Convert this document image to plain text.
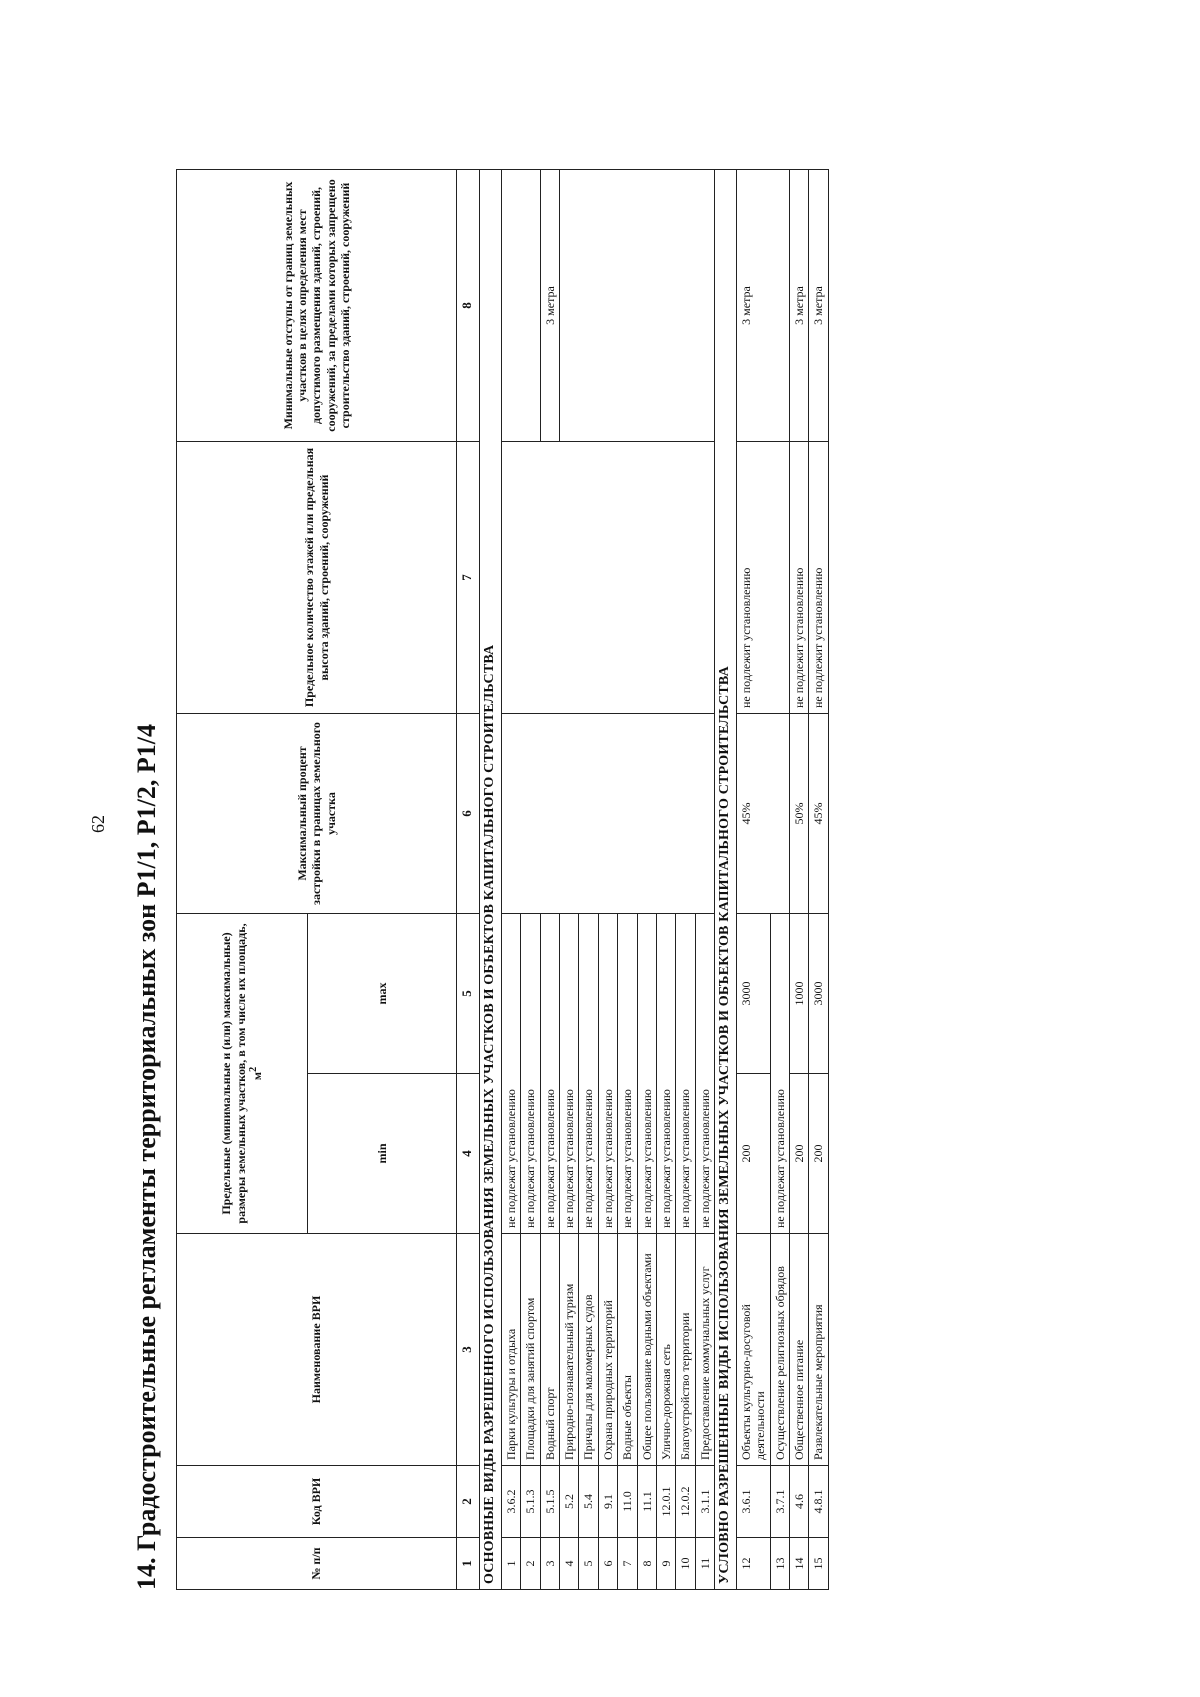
62 14. Градостроительные регламенты территориальных зон Р1/1, Р1/2, Р1/4	№ п/п	Код ВРИ	Наименование ВРИ	Предельные (минимальные и (или) максимальные) размеры земельных участков, в том числе их площадь, $м^2$		Максимальный процент застройки в границах земельного участка	Предельное количество этажей или предельная высота зданий, строений, сооружений	Минимальные отступы от границ земельных участков в целях определения мест допустимого размещения зданий, строений, сооружений, за пределами которых запрещено строительство зданий, строений, сооружений
			min	max			
1	2	3	4	5	6	7	8
ОСНОВНЫЕ ВИДЫ РАЗРЕШЕННОГО ИСПОЛЬЗОВАНИЯ ЗЕМЕЛЬНЫХ УЧАСТКОВ И ОБЪЕКТОВ КАПИТАЛЬНОГО СТРОИТЕЛЬСТВА							
1	3.6.2	Парки культуры и отдыха	не подлежат установлению				
2	5.1.3	Площадки для занятий спортом	не подлежат установлению				
3	5.1.5	Водный спорт	не подлежат установлению				3 метра
4	5.2	Природно-познавательный туризм	не подлежат установлению				
5	5.4	Причалы для маломерных судов	не подлежат установлению				
6	9.1	Охрана природных территорий	не подлежат установлению				
7	11.0	Водные объекты	не подлежат установлению				
8	11.1	Общее пользование водными объектами	не подлежат установлению				
9	12.0.1	Улично-дорожная сеть	не подлежат установлению				
10	12.0.2	Благоустройство территории	не подлежат установлению				
11	3.1.1	Предоставление коммунальных услуг	не подлежат установлению				
УСЛОВНО РАЗРЕШЕННЫЕ ВИДЫ ИСПОЛЬЗОВАНИЯ ЗЕМЕЛЬНЫХ УЧАСТКОВ И ОБЪЕКТОВ КАПИТАЛЬНОГО СТРОИТЕЛЬСТВА							
12	3.6.1	Объекты культурно-досуговой деятельности	200	3000	45%	не подлежит установлению	3 метра
13	3.7.1	Осуществление религиозных обрядов	не подлежат установлению				
14	4.6	Общественное питание	200	1000	50%	не подлежит установлению	3 метра
15	4.8.1	Развлекательные мероприятия	200	3000	45%	не подлежит установлению	3 метра
